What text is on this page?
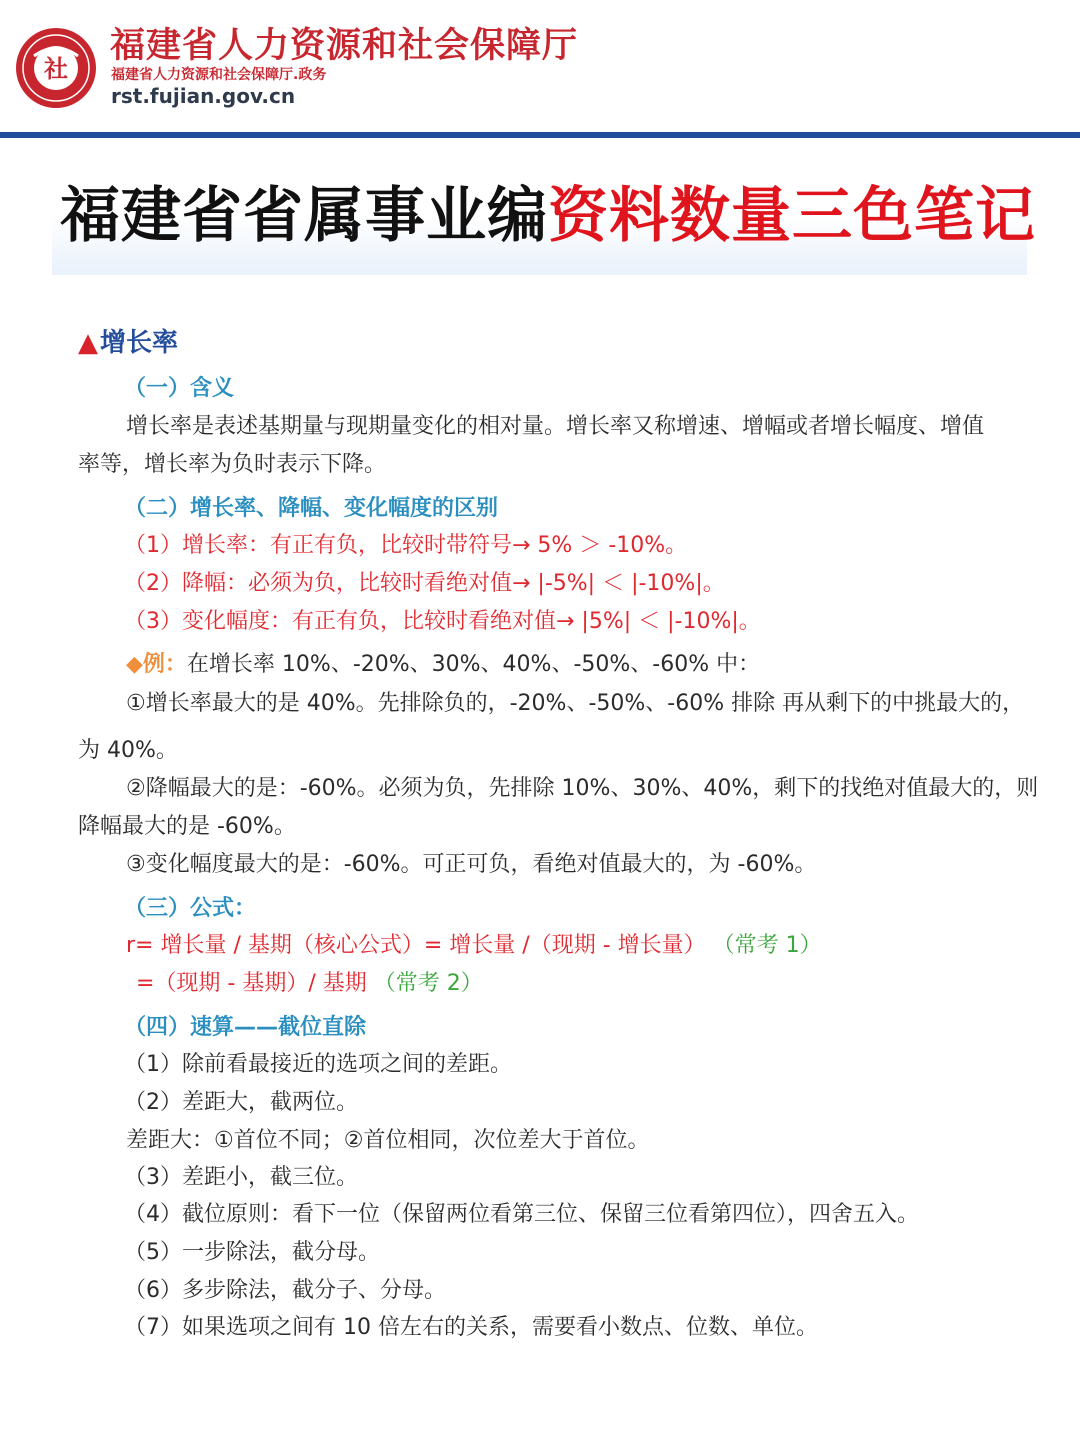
社
福建省人力资源和社会保障厅
福建省人力资源和社会保障厅.政务
rst.fujian.gov.cn
福建省省属事业编资料数量三色笔记
▲增长率
（一）含义
增长率是表述基期量与现期量变化的相对量。增长率又称增速、增幅或者增长幅度、增值
率等，增长率为负时表示下降。
（二）增长率、降幅、变化幅度的区别
（1）增长率：有正有负，比较时带符号→ 5% ＞ -10%。
（2）降幅：必须为负，比较时看绝对值→ |-5%| ＜ |-10%|。
（3）变化幅度：有正有负，比较时看绝对值→ |5%| ＜ |-10%|。
◆例：在增长率 10%、-20%、30%、40%、-50%、-60% 中：
①增长率最大的是 40%。先排除负的，-20%、-50%、-60% 排除 再从剩下的中挑最大的，
为 40%。
②降幅最大的是：-60%。必须为负，先排除 10%、30%、40%，剩下的找绝对值最大的，则
降幅最大的是 -60%。
③变化幅度最大的是：-60%。可正可负，看绝对值最大的，为 -60%。
（三）公式：
r= 增长量 / 基期（核心公式）= 增长量 /（现期 - 增长量） （常考 1）
=（现期 - 基期）/ 基期 （常考 2）
（四）速算——截位直除
（1）除前看最接近的选项之间的差距。
（2）差距大，截两位。
差距大：①首位不同；②首位相同，次位差大于首位。
（3）差距小，截三位。
（4）截位原则：看下一位（保留两位看第三位、保留三位看第四位），四舍五入。
（5）一步除法，截分母。
（6）多步除法，截分子、分母。
（7）如果选项之间有 10 倍左右的关系，需要看小数点、位数、单位。
